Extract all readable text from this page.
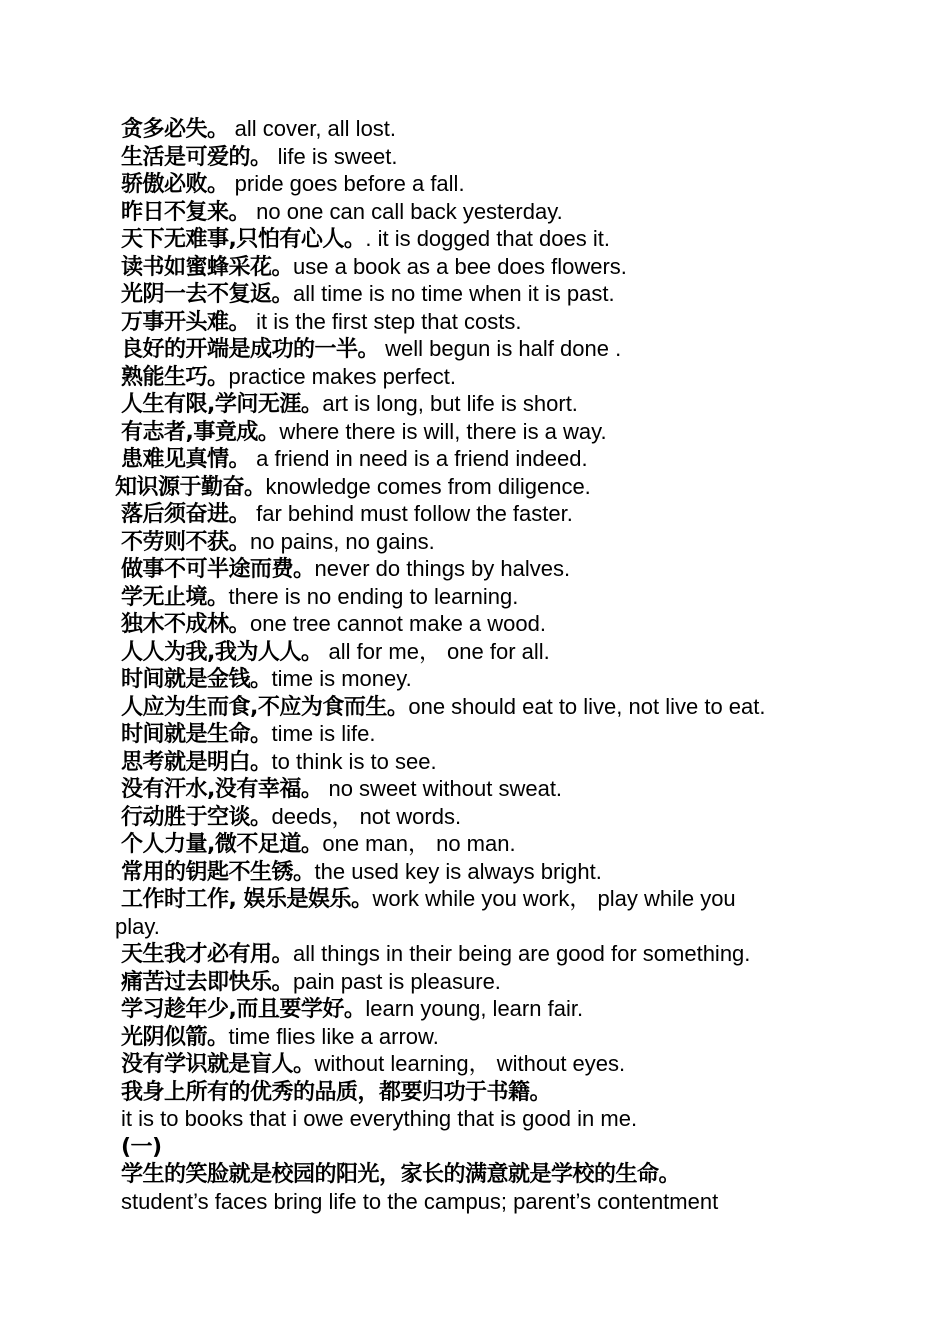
贪多必失。 all cover, all lost.
生活是可爱的。 life is sweet.
骄傲必败。 pride goes before a fall.
昨日不复来。 no one can call back yesterday.
天下无难事,只怕有心人。. it is dogged that does it.
读书如蜜蜂采花。use a book as a bee does flowers.
光阴一去不复返。all time is no time when it is past.
万事开头难。 it is the first step that costs.
良好的开端是成功的一半。 well begun is half done .
熟能生巧。practice makes perfect.
人生有限,学问无涯。art is long, but life is short.
有志者,事竟成。where there is will, there is a way.
患难见真情。 a friend in need is a friend indeed.
知识源于勤奋。knowledge comes from diligence.
落后须奋进。 far behind must follow the faster.
不劳则不获。no pains, no gains.
做事不可半途而费。never do things by halves.
学无止境。there is no ending to learning.
独木不成林。one tree cannot make a wood.
人人为我,我为人人。 all for me， one for all.
时间就是金钱。time is money.
人应为生而食,不应为食而生。one should eat to live, not live to eat.
时间就是生命。time is life.
思考就是明白。to think is to see.
没有汗水,没有幸福。 no sweet without sweat.
行动胜于空谈。deeds， not words.
个人力量,微不足道。one man， no man.
常用的钥匙不生锈。the used key is always bright.
工作时工作, 娱乐是娱乐。work while you work， play while you
play.
天生我才必有用。all things in their being are good for something.
痛苦过去即快乐。pain past is pleasure.
学习趁年少,而且要学好。learn young, learn fair.
光阴似箭。time flies like a arrow.
没有学识就是盲人。without learning， without eyes.
我身上所有的优秀的品质，都要归功于书籍。
it is to books that i owe everything that is good in me.
(一)
学生的笑脸就是校园的阳光，家长的满意就是学校的生命。
student’s faces bring life to the campus; parent’s contentment
